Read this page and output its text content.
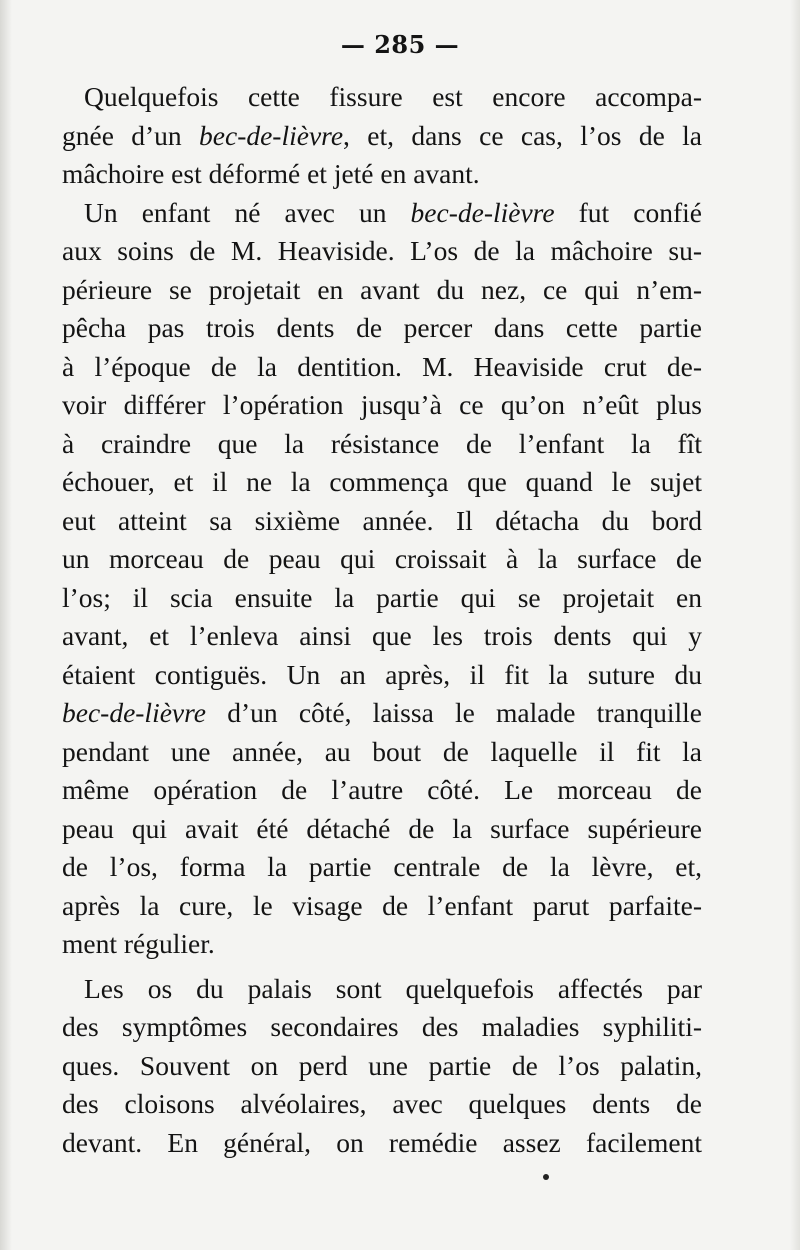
— 285 —
Quelquefois cette fissure est encore accompa-
gnée d’un bec-de-lièvre, et, dans ce cas, l’os de la
mâchoire est déformé et jeté en avant.
Un enfant né avec un bec-de-lièvre fut confié
aux soins de M. Heaviside. L’os de la mâchoire su-
périeure se projetait en avant du nez, ce qui n’em-
pêcha pas trois dents de percer dans cette partie
à l’époque de la dentition. M. Heaviside crut de-
voir différer l’opération jusqu’à ce qu’on n’eût plus
à craindre que la résistance de l’enfant la fît
échouer, et il ne la commença que quand le sujet
eut atteint sa sixième année. Il détacha du bord
un morceau de peau qui croissait à la surface de
l’os; il scia ensuite la partie qui se projetait en
avant, et l’enleva ainsi que les trois dents qui y
étaient contiguës. Un an après, il fit la suture du
bec-de-lièvre d’un côté, laissa le malade tranquille
pendant une année, au bout de laquelle il fit la
même opération de l’autre côté. Le morceau de
peau qui avait été détaché de la surface supérieure
de l’os, forma la partie centrale de la lèvre, et,
après la cure, le visage de l’enfant parut parfaite-
ment régulier.
Les os du palais sont quelquefois affectés par
des symptômes secondaires des maladies syphiliti-
ques. Souvent on perd une partie de l’os palatin,
des cloisons alvéolaires, avec quelques dents de
devant. En général, on remédie assez facilement
